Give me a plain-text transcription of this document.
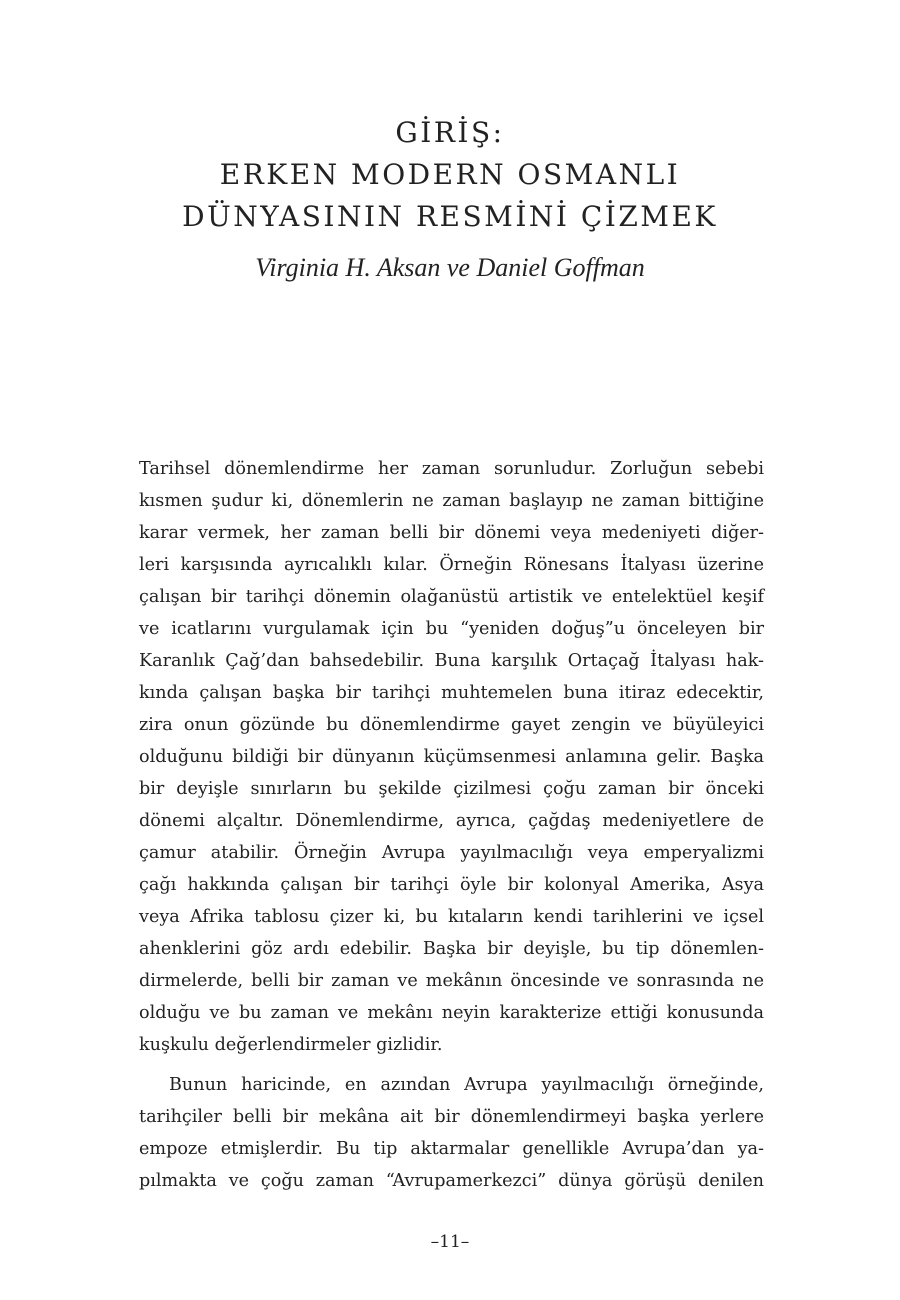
GİRİŞ:
ERKEN MODERN OSMANLI
DÜNYASININ RESMİNİ ÇİZMEK
Virginia H. Aksan ve Daniel Goffman

Tarihsel dönemlendirme her zaman sorunludur. Zorluğun sebebi
kısmen şudur ki, dönemlerin ne zaman başlayıp ne zaman bittiğine
karar vermek, her zaman belli bir dönemi veya medeniyeti diğer-
leri karşısında ayrıcalıklı kılar. Örneğin Rönesans İtalyası üzerine
çalışan bir tarihçi dönemin olağanüstü artistik ve entelektüel keşif
ve icatlarını vurgulamak için bu “yeniden doğuş”u önceleyen bir
Karanlık Çağ’dan bahsedebilir. Buna karşılık Ortaçağ İtalyası hak-
kında çalışan başka bir tarihçi muhtemelen buna itiraz edecektir,
zira onun gözünde bu dönemlendirme gayet zengin ve büyüleyici
olduğunu bildiği bir dünyanın küçümsenmesi anlamına gelir. Başka
bir deyişle sınırların bu şekilde çizilmesi çoğu zaman bir önceki
dönemi alçaltır. Dönemlendirme, ayrıca, çağdaş medeniyetlere de
çamur atabilir. Örneğin Avrupa yayılmacılığı veya emperyalizmi
çağı hakkında çalışan bir tarihçi öyle bir kolonyal Amerika, Asya
veya Afrika tablosu çizer ki, bu kıtaların kendi tarihlerini ve içsel
ahenklerini göz ardı edebilir. Başka bir deyişle, bu tip dönemlen-
dirmelerde, belli bir zaman ve mekânın öncesinde ve sonrasında ne
olduğu ve bu zaman ve mekânı neyin karakterize ettiği konusunda
kuşkulu değerlendirmeler gizlidir.

Bunun haricinde, en azından Avrupa yayılmacılığı örneğinde,
tarihçiler belli bir mekâna ait bir dönemlendirmeyi başka yerlere
empoze etmişlerdir. Bu tip aktarmalar genellikle Avrupa’dan ya-
pılmakta ve çoğu zaman “Avrupamerkezci” dünya görüşü denilen

–11–
